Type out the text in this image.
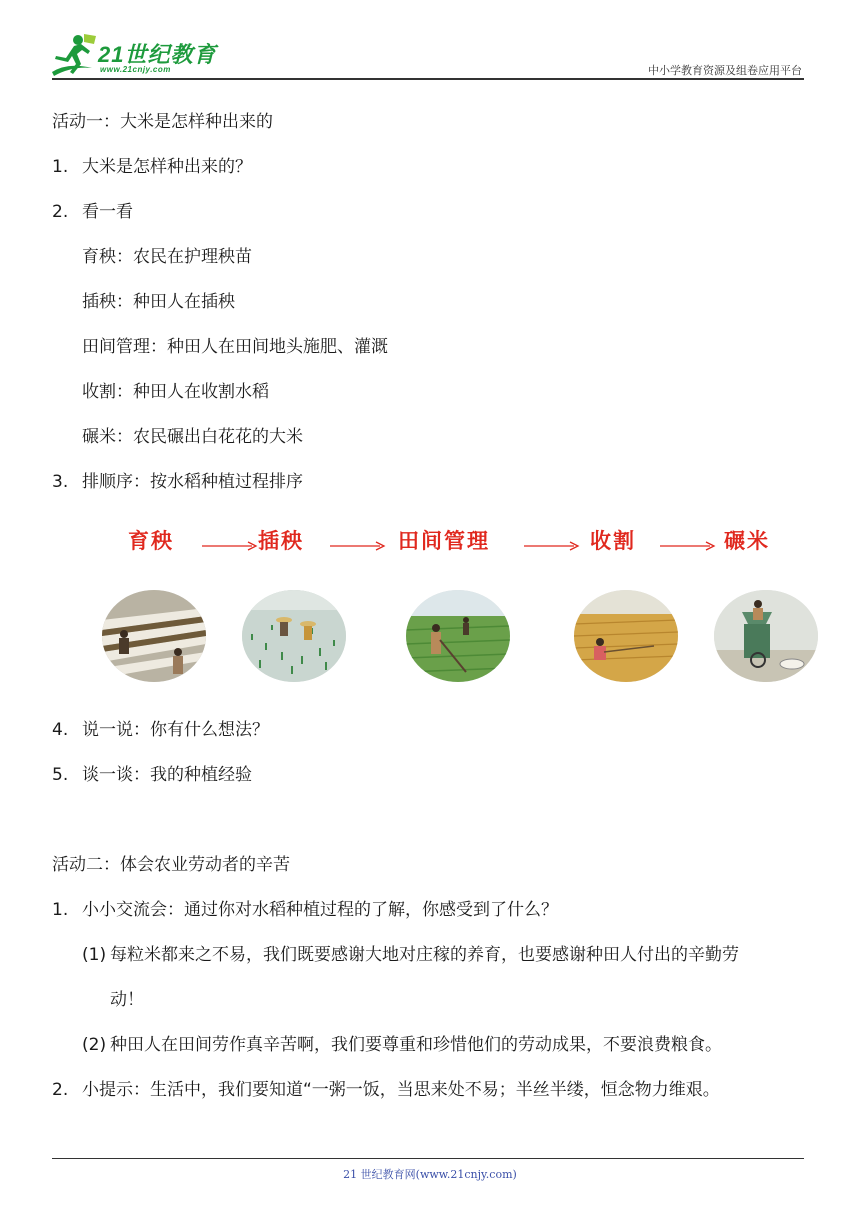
21世纪教育
www.21cnjy.com	中小学教育资源及组卷应用平台
活动一：大米是怎样种出来的
1. 大米是怎样种出来的？
2. 看一看
育秧：农民在护理秧苗
插秧：种田人在插秧
田间管理：种田人在田间地头施肥、灌溉
收割：种田人在收割水稻
碾米：农民碾出白花花的大米
3. 排顺序：按水稻种植过程排序
育秧	插秧	田间管理	收割	碾米
4. 说一说：你有什么想法？
5. 谈一谈：我的种植经验
活动二：体会农业劳动者的辛苦
1. 小小交流会：通过你对水稻种植过程的了解，你感受到了什么？
(1) 每粒米都来之不易，我们既要感谢大地对庄稼的养育，也要感谢种田人付出的辛勤劳
动！
(2) 种田人在田间劳作真辛苦啊，我们要尊重和珍惜他们的劳动成果，不要浪费粮食。
2. 小提示：生活中，我们要知道“一粥一饭，当思来处不易；半丝半缕，恒念物力维艰。
21 世纪教育网(www.21cnjy.com)
